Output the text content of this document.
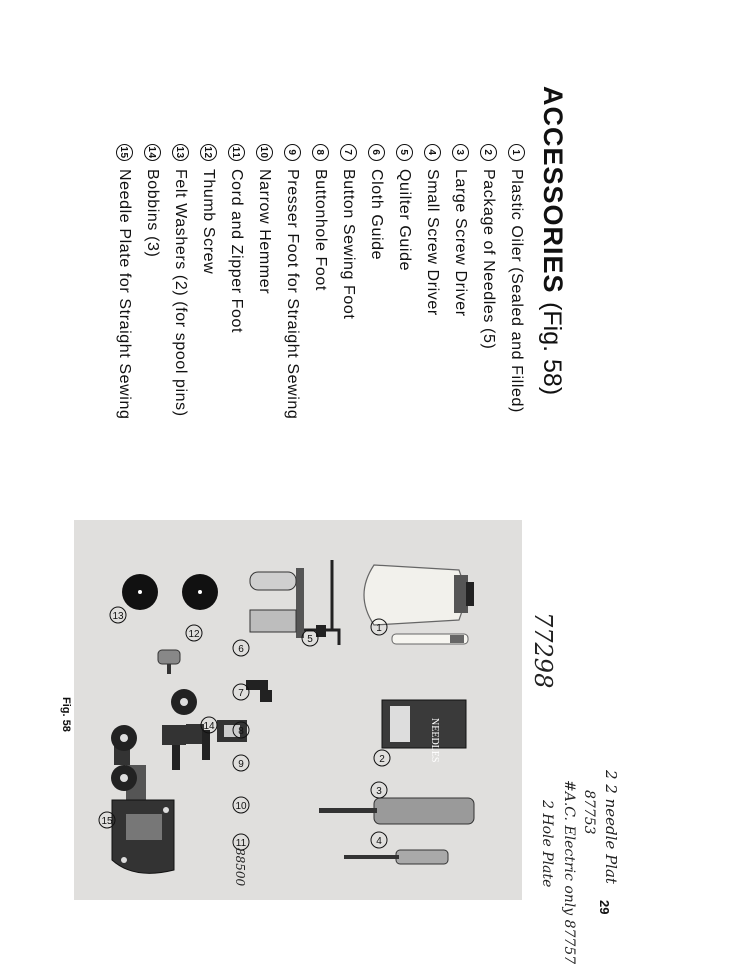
ACCESSORIES (Fig. 58)
1Plastic Oiler (Sealed and Filled)
2Package of Needles (5)
3Large Screw Driver
4Small Screw Driver
5Quilter Guide
6Cloth Guide
7Button Sewing Foot
8Buttonhole Foot
9Presser Foot for Straight Sewing
10Narrow Hemmer
11Cord and Zipper Foot
12Thumb Screw
13Felt Washers (2) (for spool pins)
14Bobbins (3)
15Needle Plate for Straight Sewing
NEEDLES
1
2
3
4
5
6
7
8
9
10
11
12
13
14
15
Fig. 58
29
77298
2 2 needle Plat
87753
#A.C. Electric only 87757
2 Hole Plate
88500
